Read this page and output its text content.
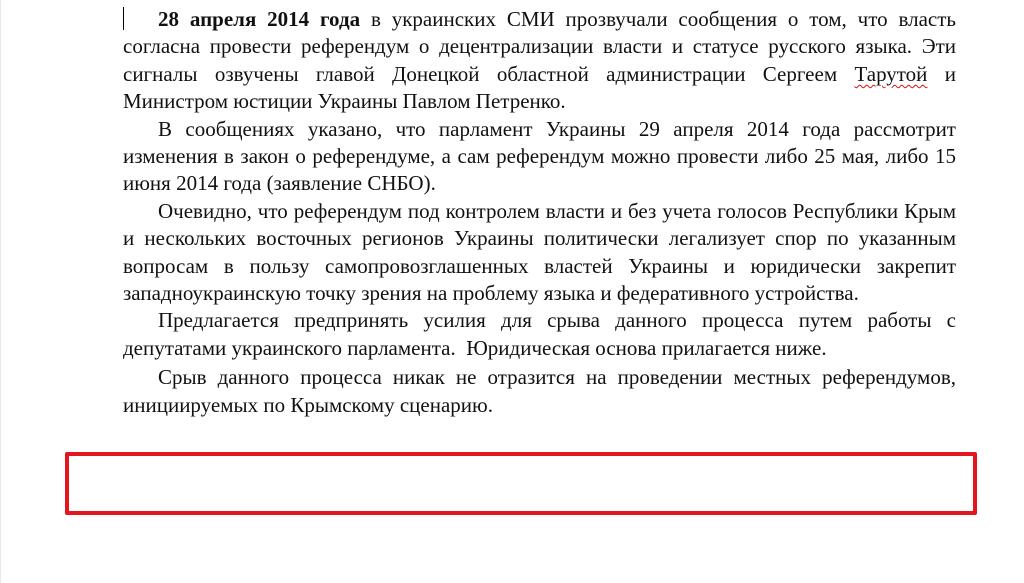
28 апреля 2014 года в украинских СМИ прозвучали сообщения о том, что власть согласна провести референдум о децентрализации власти и статусе русского языка. Эти сигналы озвучены главой Донецкой областной администрации Сергеем Тарутой и Министром юстиции Украины Павлом Петренко.

В сообщениях указано, что парламент Украины 29 апреля 2014 года рассмотрит изменения в закон о референдуме, а сам референдум можно провести либо 25 мая, либо 15 июня 2014 года (заявление СНБО).

Очевидно, что референдум под контролем власти и без учета голосов Республики Крым и нескольких восточных регионов Украины политически легализует спор по указанным вопросам в пользу самопровозглашенных властей Украины и юридически закрепит западноукраинскую точку зрения на проблему языка и федеративного устройства.

Предлагается предпринять усилия для срыва данного процесса путем работы с депутатами украинского парламента.  Юридическая основа прилагается ниже.

Срыв данного процесса никак не отразится на проведении местных референдумов, инициируемых по Крымскому сценарию.
